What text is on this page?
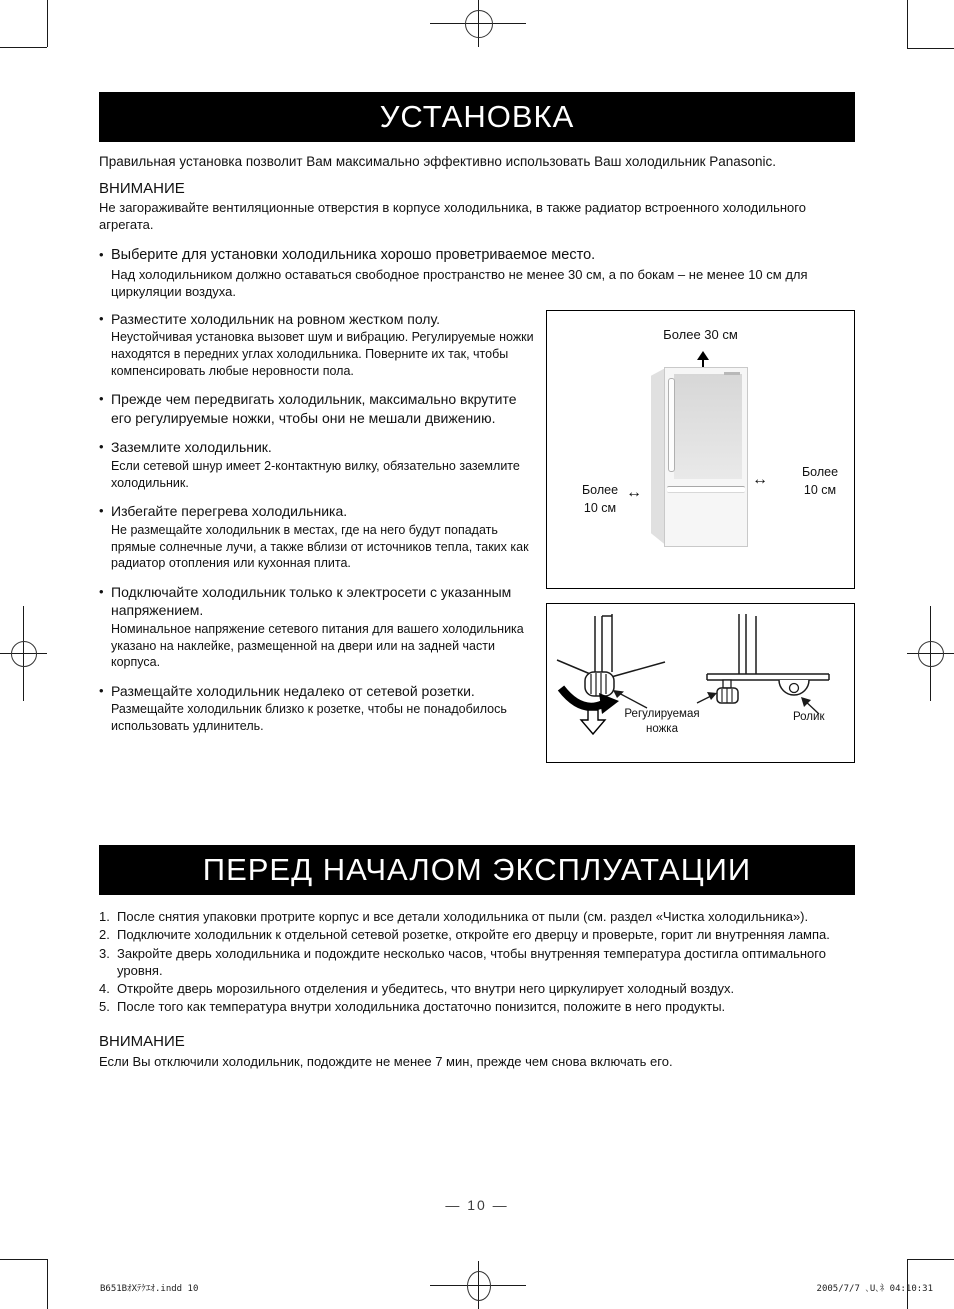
УСТАНОВКА

Правильная установка позволит Вам максимально эффективно использовать Ваш холодильник Panasonic.

ВНИМАНИЕ

Не загораживайте вентиляционные отверстия в корпусе холодильника, в также радиатор встроенного холодильного агрегата.

• Выберите для установки холодильника хорошо проветриваемое место.
Над холодильником должно оставаться свободное пространство не менее 30 см, а по бокам – не менее 10 см для циркуляции воздуха.
• Разместите холодильник на ровном жестком полу.
Неустойчивая установка вызовет шум и вибрацию. Регулируемые ножки находятся в передних углах холодильника. Поверните их так, чтобы компенсировать любые неровности пола.
• Прежде чем передвигать холодильник, максимально вкрутите его регулируемые ножки, чтобы они не мешали движению.
• Заземлите холодильник.
Если сетевой шнур имеет 2-контактную вилку, обязательно заземлите холодильник.
• Избегайте перегрева холодильника.
Не размещайте холодильник в местах, где на него будут попадать прямые солнечные лучи, а также вблизи от источников тепла, таких как радиатор отопления или кухонная плита.
• Подключайте холодильник только к электросети с указанным напряжением.
Номинальное напряжение сетевого питания для вашего холодильника указано на наклейке, размещенной на двери или на задней части корпуса.
• Размещайте холодильник недалеко от сетевой розетки.
Размещайте холодильник близко к розетке, чтобы не понадобилось использовать удлинитель.
Более 30 см
Более
10 см
↔
↔	Более
10 см
Регулируемая
ножка
Ролик
ПЕРЕД НАЧАЛОМ ЭКСПЛУАТАЦИИ
1. После снятия упаковки протрите корпус и все детали холодильника от пыли (см. раздел «Чистка холодильника»).
2. Подключите холодильник к отдельной сетевой розетке, откройте его дверцу и проверьте, горит ли внутренняя лампа.
3. Закройте дверь холодильника и подождите несколько часов, чтобы внутренняя температура достигла оптимального уровня.
4. Откройте дверь морозильного отделения и убедитесь, что внутри него циркулирует холодный воздух.
5. После того как температура внутри холодильника достаточно понизится, положите в него продукты.

ВНИМАНИЕ

Если Вы отключили холодильник, подождите не менее 7 мин, прежде чем снова включать его.

— 10 —
B651BｵXﾃｹｴｵ.indd 10	2005/7/7 ､U､ﾈ 04:10:31
